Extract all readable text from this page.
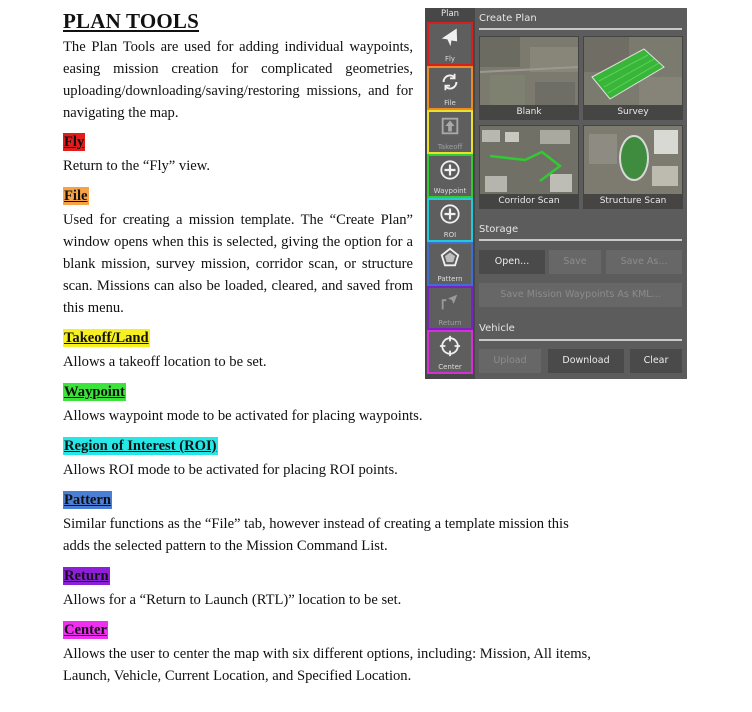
PLAN TOOLS

The Plan Tools are used for adding individual waypoints, easing mission creation for complicated geometries, uploading/downloading/saving/restoring missions, and for navigating the map.

Fly

Return to the “Fly” view.

File

Used for creating a mission template. The “Create Plan” window opens when this is selected, giving the option for a blank mission, survey mission, corridor scan, or structure scan. Missions can also be loaded, cleared, and saved from this menu.

Takeoff/Land

Allows a takeoff location to be set.

Waypoint

Allows waypoint mode to be activated for placing waypoints.

Region of Interest (ROI)

Allows ROI mode to be activated for placing ROI points.

Pattern

Similar functions as the “File” tab, however instead of creating a template mission this adds the selected pattern to the Mission Command List.

Return

Allows for a “Return to Launch (RTL)” location to be set.

Center

Allows the user to center the map with six different options, including: Mission, All items, Launch, Vehicle, Current Location, and Specified Location.

Plan
Fly
File
Takeoff
Waypoint
ROI
Pattern
Return
Center
Create Plan
Blank	Survey
Corridor Scan	Structure Scan
Storage
Open...	Save	Save As...
Save Mission Waypoints As KML...
Vehicle
Upload	Download	Clear
